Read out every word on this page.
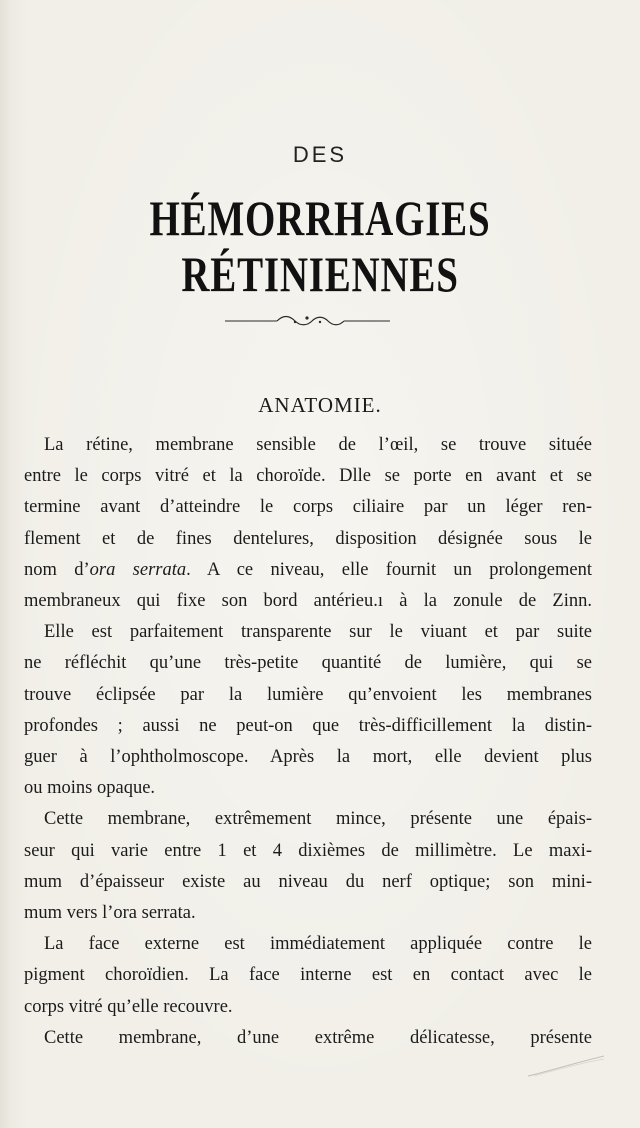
DES
HÉMORRHAGIES RÉTINIENNES
ANATOMIE.
La rétine, membrane sensible de l’œil, se trouve située
entre le corps vitré et la choroïde. Dlle se porte en avant et se
termine avant d’atteindre le corps ciliaire par un léger ren-
flement et de fines dentelures, disposition désignée sous le
nom d’ora serrata. A ce niveau, elle fournit un prolongement
membraneux qui fixe son bord antérieu.ı à la zonule de Zinn.
Elle est parfaitement transparente sur le viuant et par suite
ne réfléchit qu’une très-petite quantité de lumière, qui se
trouve éclipsée par la lumière qu’envoient les membranes
profondes ; aussi ne peut-on que très-difficillement la distin-
guer à l’ophtholmoscope. Après la mort, elle devient plus
ou moins opaque.
Cette membrane, extrêmement mince, présente une épais-
seur qui varie entre 1 et 4 dixièmes de millimètre. Le maxi-
mum d’épaisseur existe au niveau du nerf optique; son mini-
mum vers l’ora serrata.
La face externe est immédiatement appliquée contre le
pigment choroïdien. La face interne est en contact avec le
corps vitré qu’elle recouvre.
Cette membrane, d’une extrême délicatesse, présente
